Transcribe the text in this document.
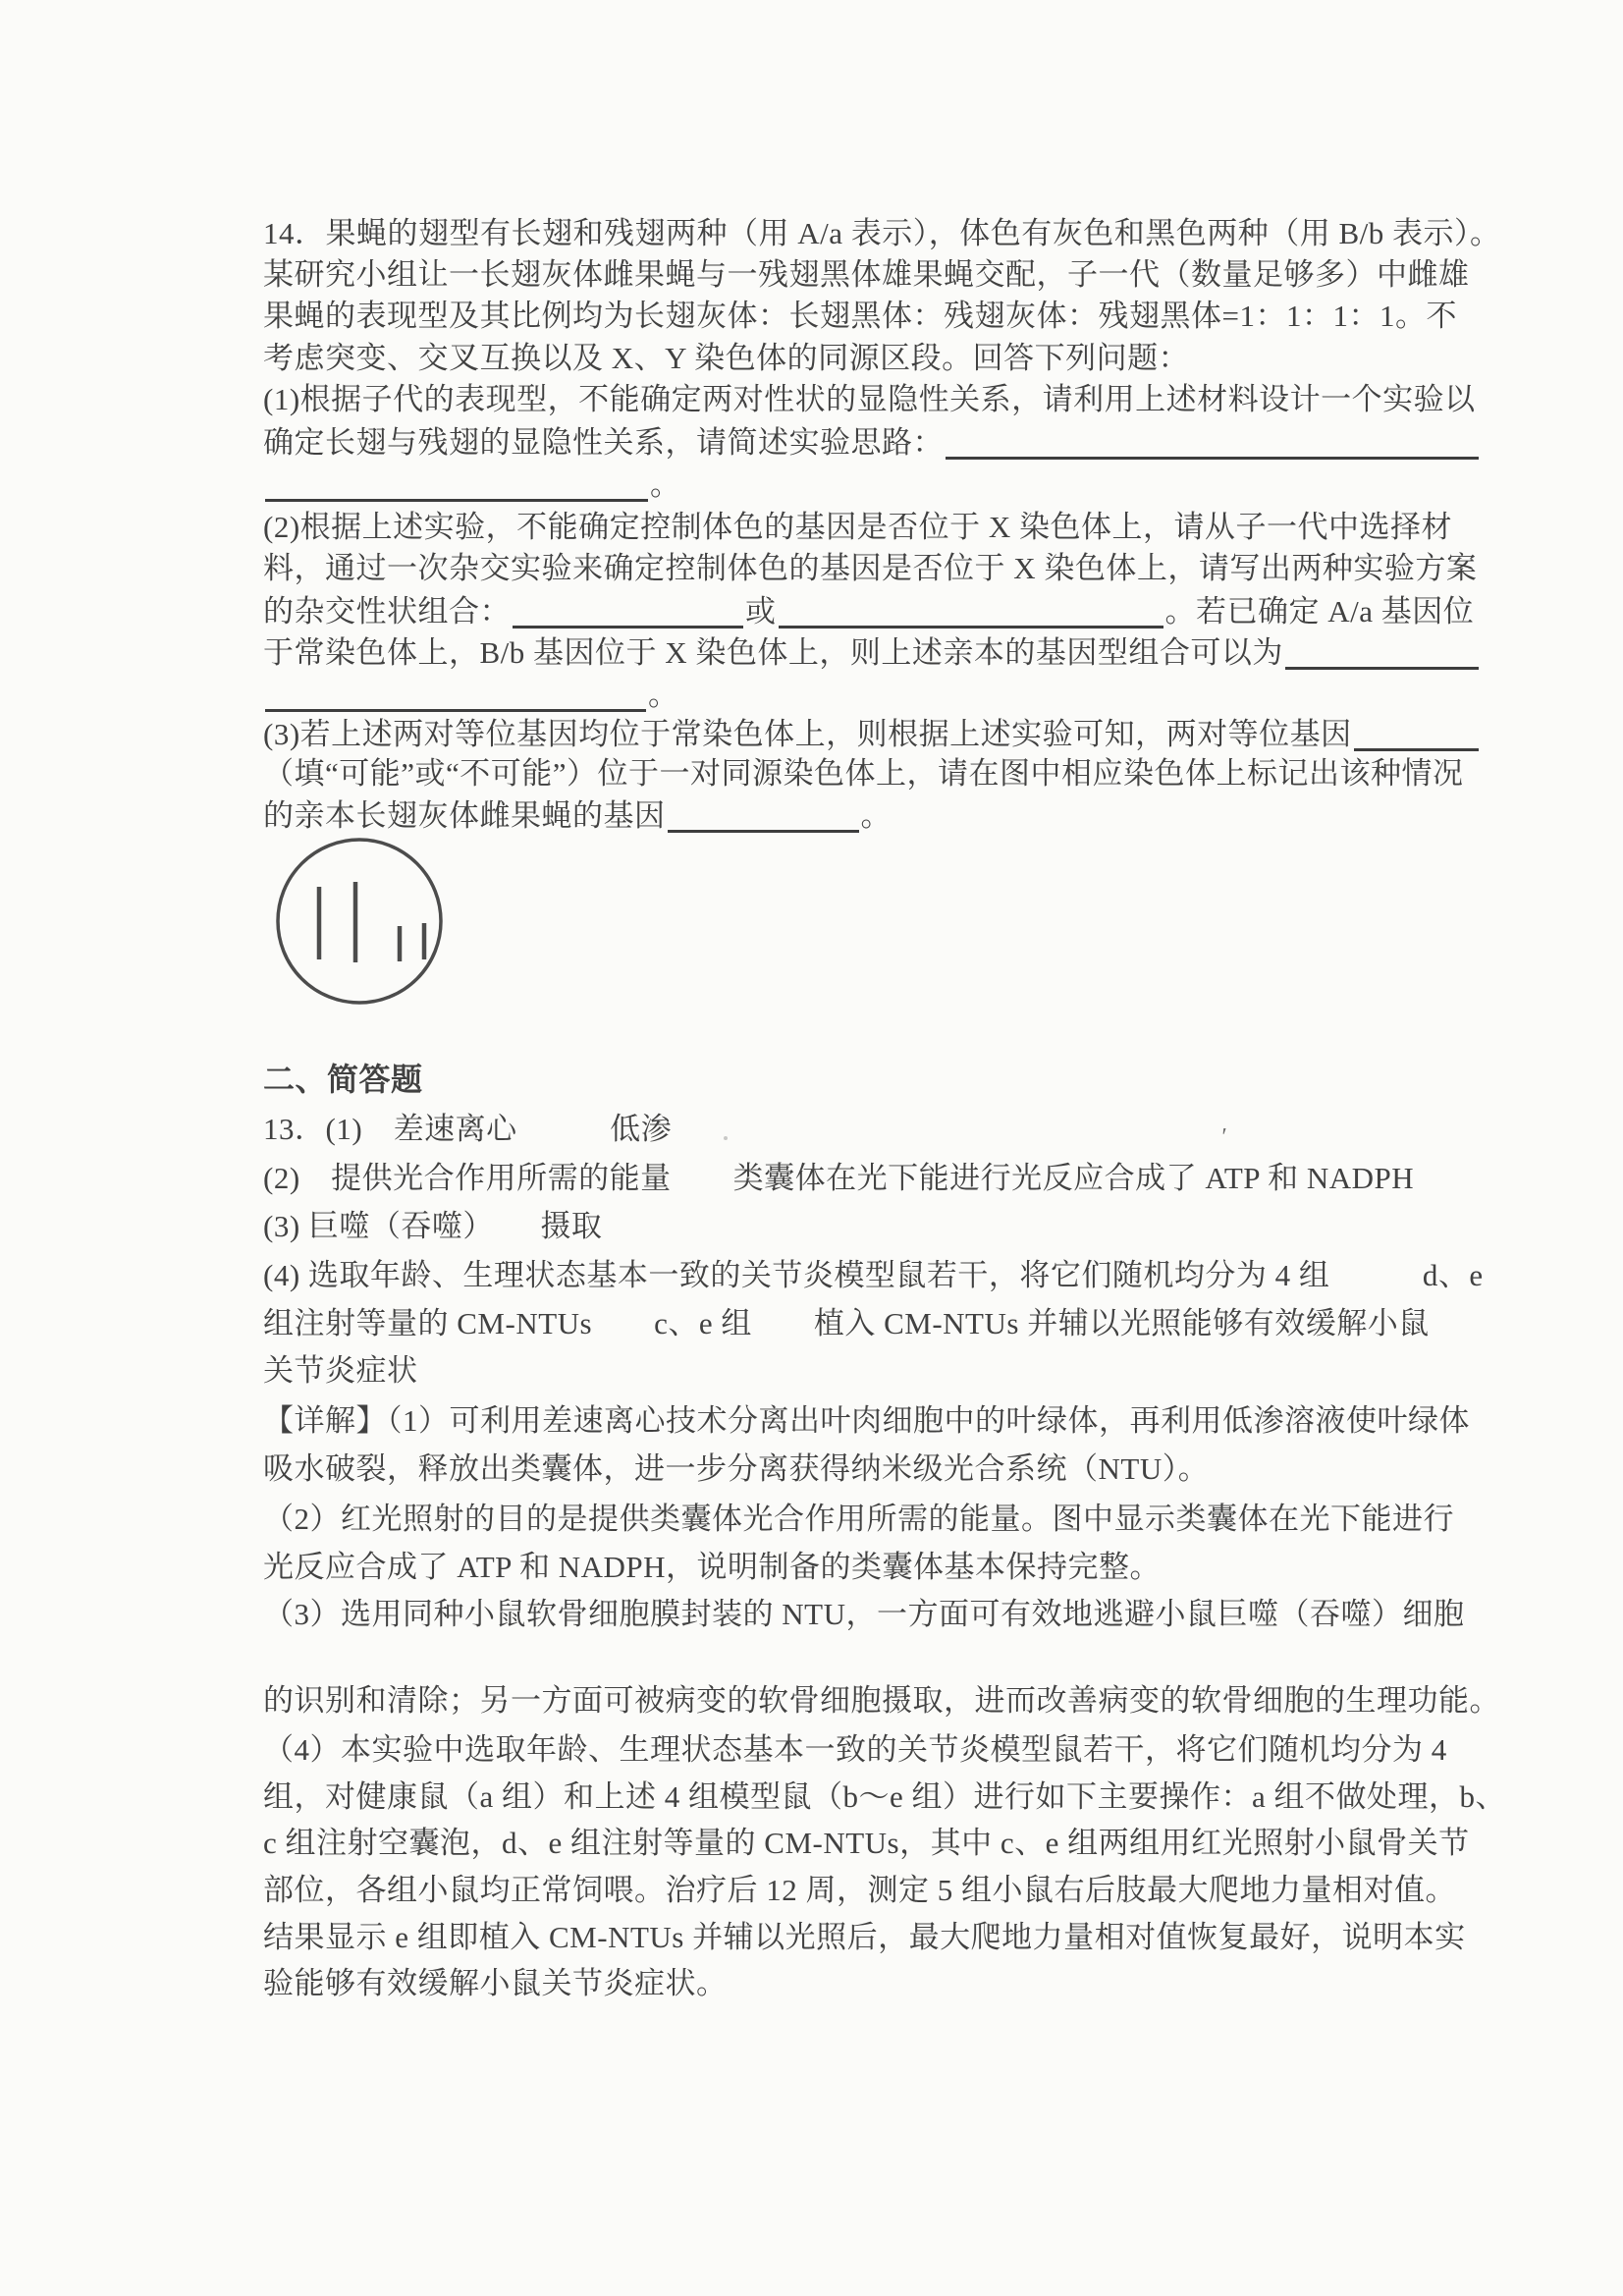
14．果蝇的翅型有长翅和残翅两种（用 A/a 表示），体色有灰色和黑色两种（用 B/b 表示）。
某研究小组让一长翅灰体雌果蝇与一残翅黑体雄果蝇交配，子一代（数量足够多）中雌雄
果蝇的表现型及其比例均为长翅灰体：长翅黑体：残翅灰体：残翅黑体=1：1：1：1。不
考虑突变、交叉互换以及 X、Y 染色体的同源区段。回答下列问题：
(1)根据子代的表现型，不能确定两对性状的显隐性关系，请利用上述材料设计一个实验以
确定长翅与残翅的显隐性关系，请简述实验思路：
。
(2)根据上述实验，不能确定控制体色的基因是否位于 X 染色体上，请从子一代中选择材
料，通过一次杂交实验来确定控制体色的基因是否位于 X 染色体上，请写出两种实验方案
的杂交性状组合：	或	。若已确定 A/a 基因位
于常染色体上，B/b 基因位于 X 染色体上，则上述亲本的基因型组合可以为
。
(3)若上述两对等位基因均位于常染色体上，则根据上述实验可知，两对等位基因
（填“可能”或“不可能”）位于一对同源染色体上，请在图中相应染色体上标记出该种情况
的亲本长翅灰体雌果蝇的基因	。
二、简答题
13．(1)　差速离心　　　低渗
(2)　提供光合作用所需的能量　　类囊体在光下能进行光反应合成了 ATP 和 NADPH
(3) 巨噬（吞噬）　　摄取
(4) 选取年龄、生理状态基本一致的关节炎模型鼠若干，将它们随机均分为 4 组　　　d、e
组注射等量的 CM-NTUs　　c、e 组　　植入 CM-NTUs 并辅以光照能够有效缓解小鼠
关节炎症状
【详解】（1）可利用差速离心技术分离出叶肉细胞中的叶绿体，再利用低渗溶液使叶绿体
吸水破裂，释放出类囊体，进一步分离获得纳米级光合系统（NTU）。
（2）红光照射的目的是提供类囊体光合作用所需的能量。图中显示类囊体在光下能进行
光反应合成了 ATP 和 NADPH，说明制备的类囊体基本保持完整。
（3）选用同种小鼠软骨细胞膜封装的 NTU，一方面可有效地逃避小鼠巨噬（吞噬）细胞
的识别和清除；另一方面可被病变的软骨细胞摄取，进而改善病变的软骨细胞的生理功能。
（4）本实验中选取年龄、生理状态基本一致的关节炎模型鼠若干，将它们随机均分为 4
组，对健康鼠（a 组）和上述 4 组模型鼠（b～e 组）进行如下主要操作：a 组不做处理，b、
c 组注射空囊泡，d、e 组注射等量的 CM-NTUs，其中 c、e 组两组用红光照射小鼠骨关节
部位，各组小鼠均正常饲喂。治疗后 12 周，测定 5 组小鼠右后肢最大爬地力量相对值。
结果显示 e 组即植入 CM-NTUs 并辅以光照后，最大爬地力量相对值恢复最好，说明本实
验能够有效缓解小鼠关节炎症状。
′
